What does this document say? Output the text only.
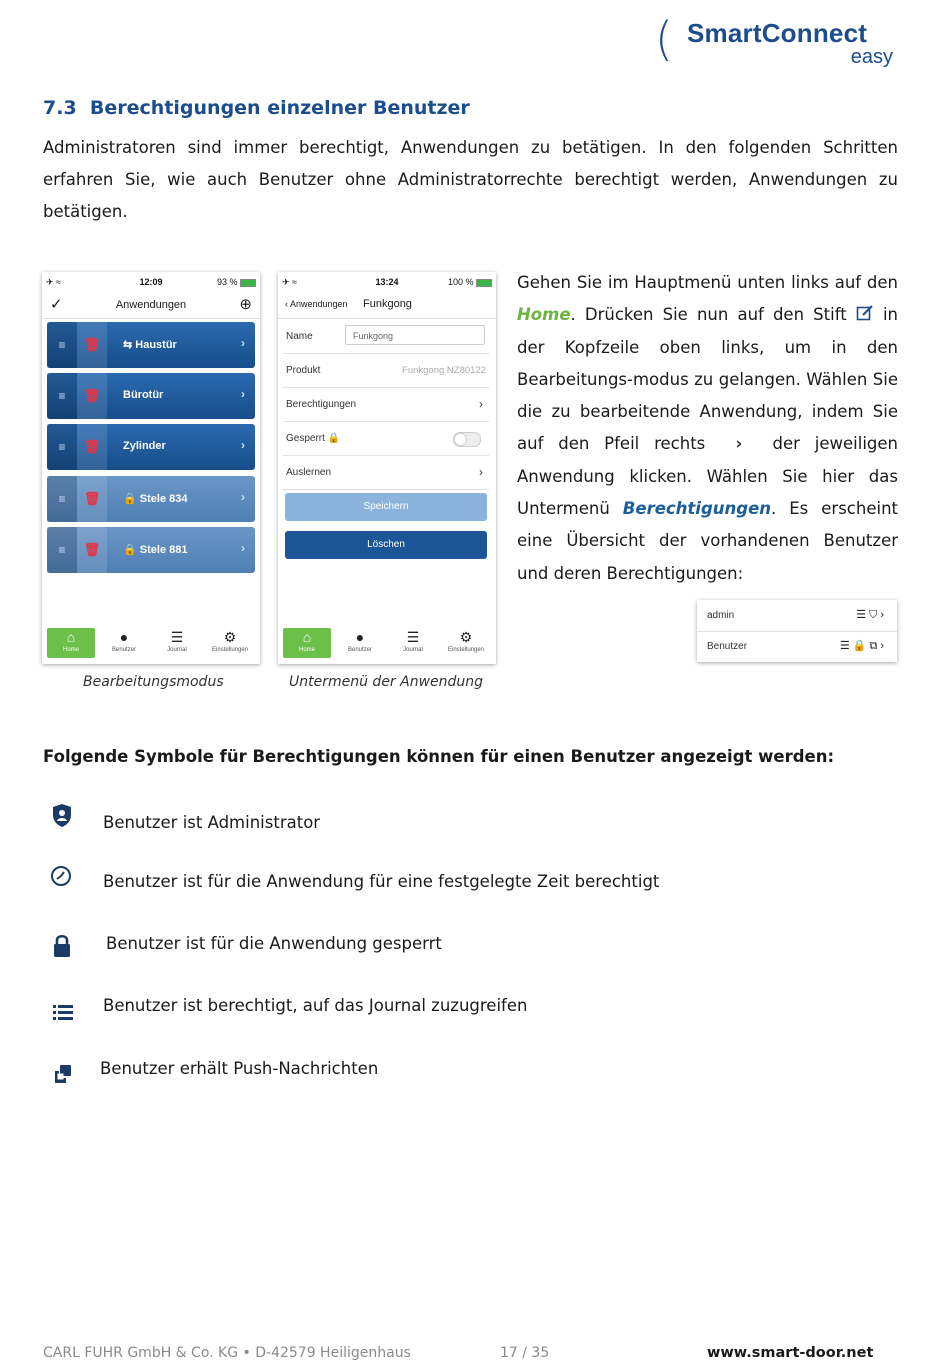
( SmartConnect
easy
7.3 Berechtigungen einzelner Benutzer
Administratoren sind immer berechtigt, Anwendungen zu betätigen. In den folgenden Schritten erfahren Sie, wie auch Benutzer ohne Administratorrechte berechtigt werden, Anwendungen zu betätigen.
✈ ≈	12:09	93 %
✓	Anwendungen	⊕
≡	🗑	⇆ Haustür	›
≡	🗑	Bürotür	›
≡	🗑	Zylinder	›
≡	🗑	🔒 Stele 834	›
≡	🗑	🔒 Stele 881	›
⌂
Home
●
Benutzer
☰
Journal
⚙
Einstellungen
✈ ≈	13:24	100 %
‹ Anwendungen Funkgong
Name	Funkgong
Produkt	Funkgong NZ80122
Berechtigungen	›
Gesperrt 🔒
Auslernen	›
Speichern
Löschen
⌂
Home
●
Benutzer
☰
Journal
⚙
Einstellungen
Bearbeitungsmodus	Untermenü der Anwendung
Gehen Sie im Hauptmenü unten links auf den Home. Drücken Sie nun auf den Stift  in der Kopfzeile oben links, um in den Bearbeitungs-modus zu gelangen. Wählen Sie die zu bearbeitende Anwendung, indem Sie auf den Pfeil rechts  ›  der jeweiligen Anwendung klicken. Wählen Sie hier das Untermenü Berechtigungen. Es erscheint eine Übersicht der vorhandenen Benutzer und deren Berechtigungen:
admin	☰⛉›
Benutzer	☰🔒⧉›
Folgende Symbole für Berechtigungen können für einen Benutzer angezeigt werden:
Benutzer ist Administrator
Benutzer ist für die Anwendung für eine festgelegte Zeit berechtigt
Benutzer ist für die Anwendung gesperrt
Benutzer ist berechtigt, auf das Journal zuzugreifen
Benutzer erhält Push-Nachrichten
CARL FUHR GmbH & Co. KG • D-42579 Heiligenhaus	17 / 35	www.smart-door.net
